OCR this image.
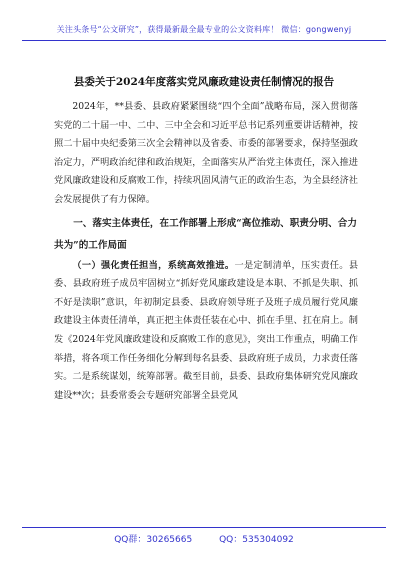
关注头条号“公文研究”，获得最新最全最专业的公文资料库！ 微信：gongwenyj
县委关于2024年度落实党风廉政建设责任制情况的报告

2024年，**县委、县政府紧紧围绕“四个全面”战略布局，深入贯彻落实党的二十届一中、二中、三中全会和习近平总书记系列重要讲话精神，按照二十届中央纪委第三次全会精神以及省委、市委的部署要求，保持坚强政治定力，严明政治纪律和政治规矩，全面落实从严治党主体责任，深入推进党风廉政建设和反腐败工作，持续巩固风清气正的政治生态，为全县经济社会发展提供了有力保障。

一、落实主体责任，在工作部署上形成“高位推动、职责分明、合力共为”的工作局面

（一）强化责任担当，系统高效推进。一是定制清单，压实责任。县委、县政府班子成员牢固树立“抓好党风廉政建设是本职、不抓是失职、抓不好是渎职”意识，年初制定县委、县政府领导班子及班子成员履行党风廉政建设主体责任清单，真正把主体责任装在心中、抓在手里、扛在肩上。制发《2024年党风廉政建设和反腐败工作的意见》，突出工作重点，明确工作举措，将各项工作任务细化分解到每名县委、县政府班子成员，力求责任落实。二是系统谋划，统筹部署。截至目前，县委、县政府集体研究党风廉政建设**次；县委常委会专题研究部署全县党风

QQ群：30265665	QQ：535304092
